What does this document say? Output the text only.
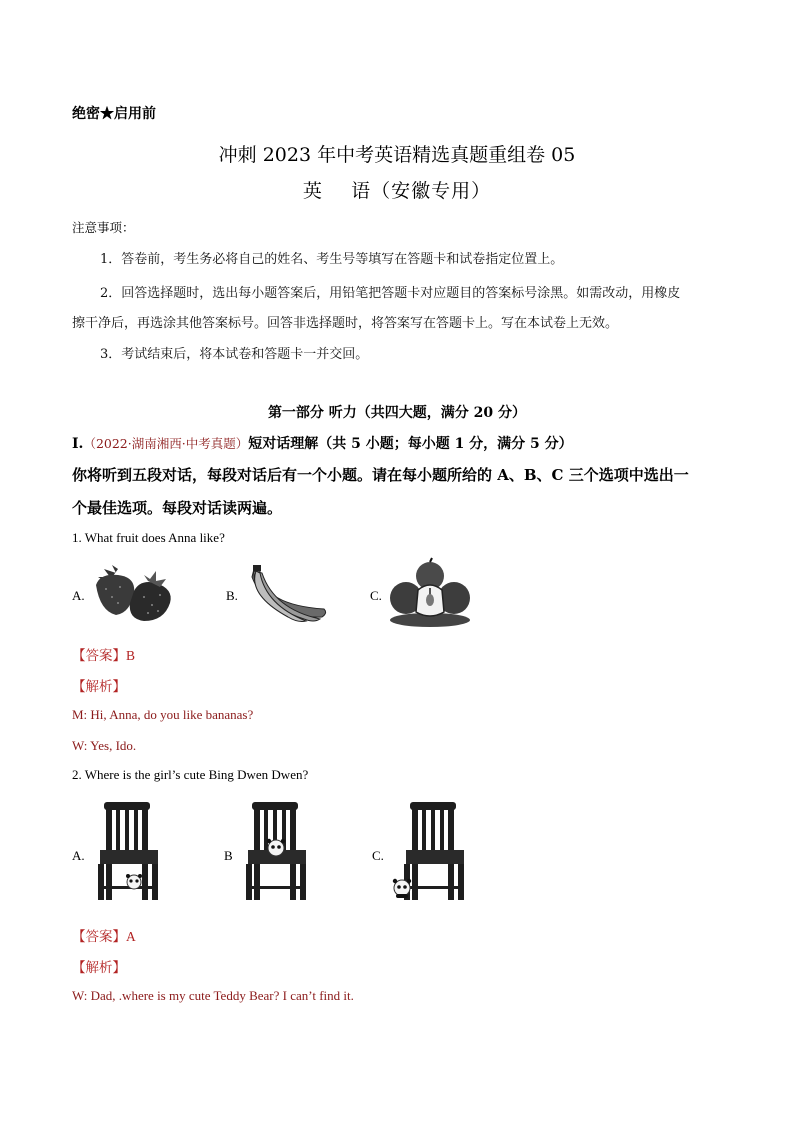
绝密★启用前
冲刺 2023 年中考英语精选真题重组卷 05
英    语（安徽专用）
注意事项：
1．答卷前，考生务必将自己的姓名、考生号等填写在答题卡和试卷指定位置上。
2．回答选择题时，选出每小题答案后，用铅笔把答题卡对应题目的答案标号涂黑。如需改动，用橡皮
擦干净后，再选涂其他答案标号。回答非选择题时，将答案写在答题卡上。写在本试卷上无效。
3．考试结束后，将本试卷和答题卡一并交回。
第一部分 听力（共四大题，满分 20 分）
Ⅰ.（2022·湖南湘西·中考真题）短对话理解（共 5 小题；每小题 1 分，满分 5 分）
你将听到五段对话，每段对话后有一个小题。请在每小题所给的 A、B、C 三个选项中选出一
个最佳选项。每段对话读两遍。
1. What fruit does Anna like?
A.	B.	C.
【答案】B
【解析】
M: Hi, Anna, do you like bananas?
W: Yes, Ido.
2. Where is the girl’s cute Bing Dwen Dwen?
A.	B	C.
【答案】A
【解析】
W: Dad, .where is my cute Teddy Bear? I can’t find it.
